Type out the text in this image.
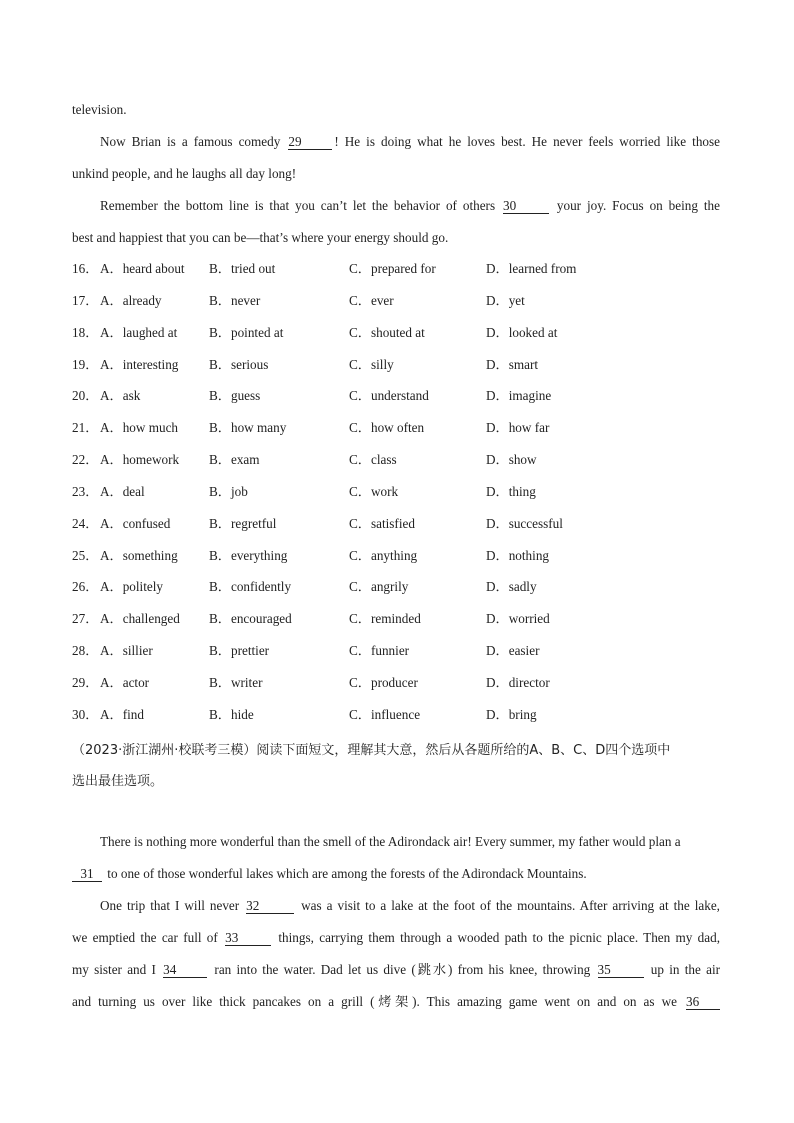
television.
Now Brian is a famous comedy 29 ! He is doing what he loves best. He never feels worried like those
unkind people, and he laughs all day long!
Remember the bottom line is that you can’t let the behavior of others 30	your joy. Focus on being the
best and happiest that you can be—that’s where your energy should go.
16． A．heard about B．tried out	C．prepared for	D．learned from
17． A．already	B．never	C．ever	D．yet
18． A．laughed at B．pointed at	C．shouted at	D．looked at
19． A．interesting B．serious	C．silly	D．smart
20． A．ask	B．guess	C．understand	D．imagine
21． A．how much B．how many	C．how often	D．how far
22． A．homework B．exam	C．class	D．show
23． A．deal	B．job	C．work	D．thing
24． A．confused	B．regretful	C．satisfied	D．successful
25． A．something B．everything	C．anything	D．nothing
26． A．politely	B．confidently	C．angrily	D．sadly
27． A．challenged B．encouraged	C．reminded	D．worried
28． A．sillier	B．prettier	C．funnier	D．easier
29． A．actor	B．writer	C．producer	D．director
30． A．find	B．hide	C．influence	D．bring
（2023·浙江湖州·校联考三模）阅读下面短文，理解其大意，然后从各题所给的A、B、C、D四个选项中
选出最佳选项。
There is nothing more wonderful than the smell of the Adirondack air! Every summer, my father would plan a
31 to one of those wonderful lakes which are among the forests of the Adirondack Mountains.
One trip that I will never 32	was a visit to a lake at the foot of the mountains. After arriving at the lake,
we emptied the car full of 33	things, carrying them through a wooded path to the picnic place. Then my dad,
my sister and I 34	ran into the water. Dad let us dive (跳水) from his knee, throwing 35	up in the air
and turning us over like thick pancakes on a grill (烤架). This amazing game went on and on as we 36
